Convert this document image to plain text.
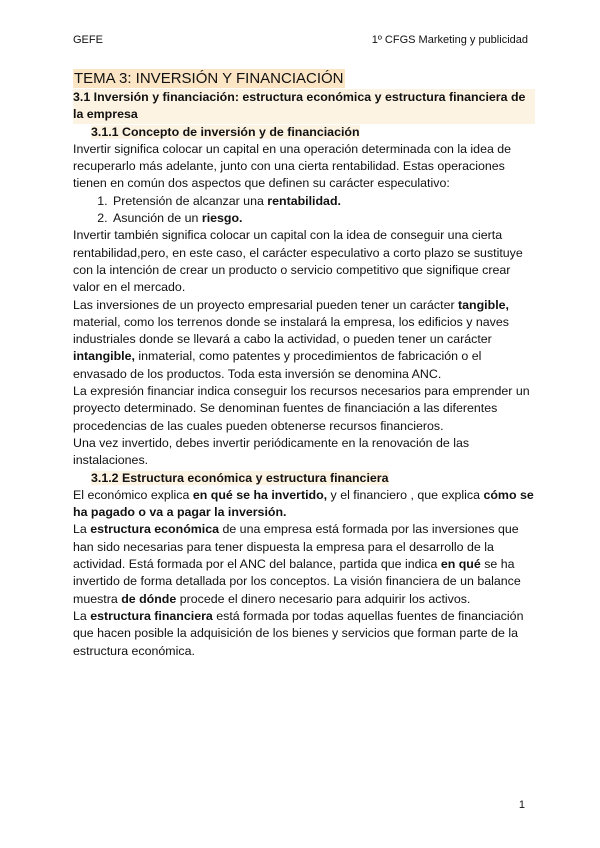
GEFE	1º CFGS Marketing y publicidad
TEMA 3: INVERSIÓN Y FINANCIACIÓN
3.1 Inversión y financiación: estructura económica y estructura financiera de la empresa
3.1.1 Concepto de inversión y de financiación

Invertir significa colocar un capital en una operación determinada con la idea de recuperarlo más adelante, junto con una cierta rentabilidad. Estas operaciones tienen en común dos aspectos que definen su carácter especulativo:

1. Pretensión de alcanzar una rentabilidad.
2. Asunción de un riesgo.

Invertir también significa colocar un capital con la idea de conseguir una cierta rentabilidad,pero, en este caso, el carácter especulativo a corto plazo se sustituye con la intención de crear un producto o servicio competitivo que signifique crear valor en el mercado.

Las inversiones de un proyecto empresarial pueden tener un carácter tangible, material, como los terrenos donde se instalará la empresa, los edificios y naves industriales donde se llevará a cabo la actividad, o pueden tener un carácter intangible, inmaterial, como patentes y procedimientos de fabricación o el envasado de los productos. Toda esta inversión se denomina ANC.

La expresión financiar indica conseguir los recursos necesarios para emprender un proyecto determinado. Se denominan fuentes de financiación a las diferentes procedencias de las cuales pueden obtenerse recursos financieros.

Una vez invertido, debes invertir periódicamente en la renovación de las instalaciones.

3.1.2 Estructura económica y estructura financiera

El económico explica en qué se ha invertido, y el financiero , que explica cómo se ha pagado o va a pagar la inversión.

La estructura económica de una empresa está formada por las inversiones que han sido necesarias para tener dispuesta la empresa para el desarrollo de la actividad. Está formada por el ANC del balance, partida que indica en qué se ha invertido de forma detallada por los conceptos. La visión financiera de un balance muestra de dónde procede el dinero necesario para adquirir los activos.

La estructura financiera está formada por todas aquellas fuentes de financiación que hacen posible la adquisición de los bienes y servicios que forman parte de la estructura económica.

1
